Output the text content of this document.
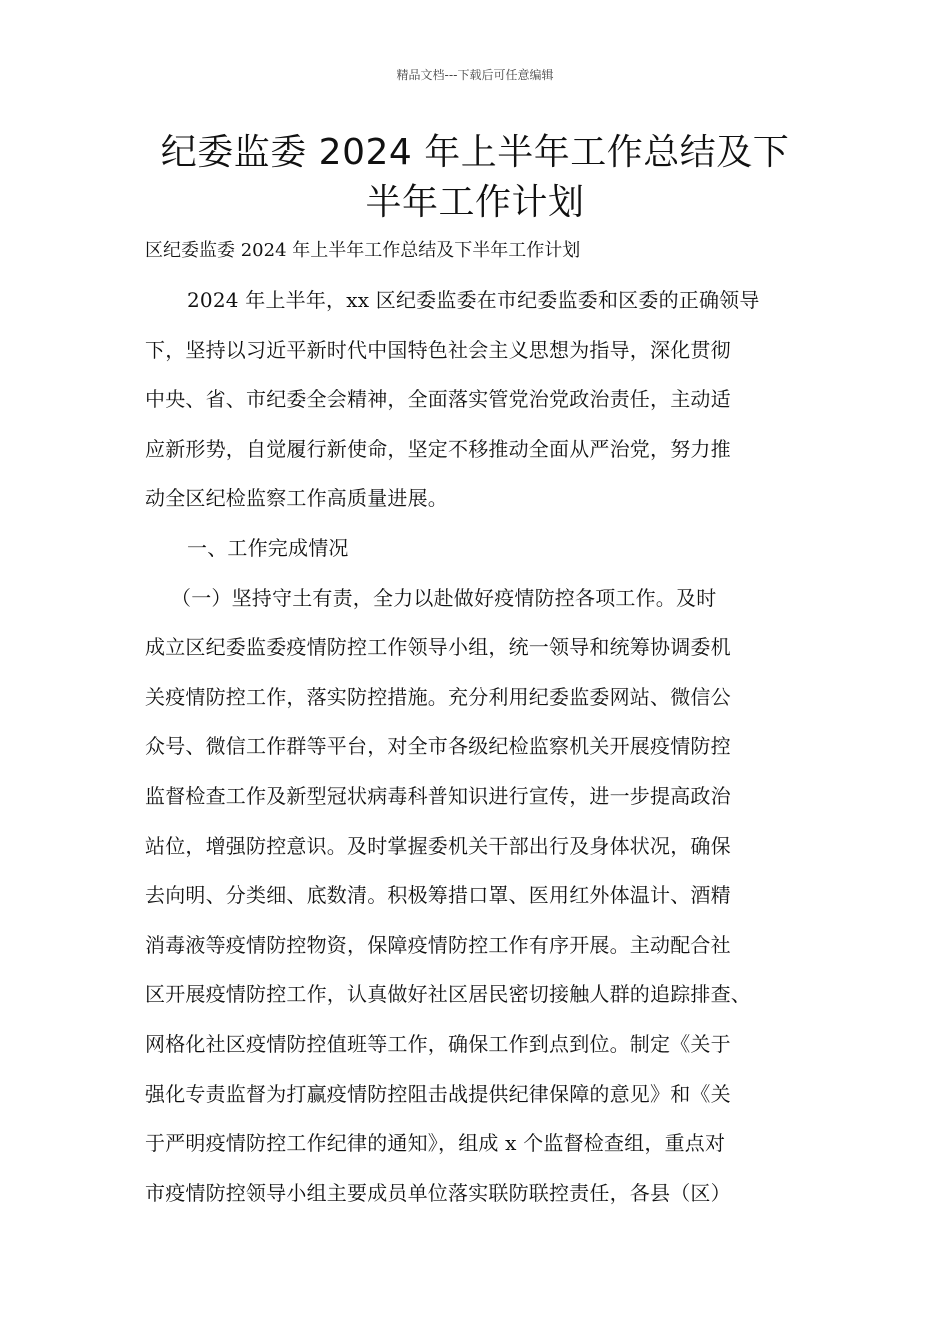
精品文档---下载后可任意编辑
纪委监委 2024 年上半年工作总结及下
半年工作计划
区纪委监委 2024 年上半年工作总结及下半年工作计划
2024 年上半年，xx 区纪委监委在市纪委监委和区委的正确领导
下，坚持以习近平新时代中国特色社会主义思想为指导，深化贯彻
中央、省、市纪委全会精神，全面落实管党治党政治责任，主动适
应新形势，自觉履行新使命，坚定不移推动全面从严治党，努力推
动全区纪检监察工作高质量进展。
一、工作完成情况
（一）坚持守土有责，全力以赴做好疫情防控各项工作。及时
成立区纪委监委疫情防控工作领导小组，统一领导和统筹协调委机
关疫情防控工作，落实防控措施。充分利用纪委监委网站、微信公
众号、微信工作群等平台，对全市各级纪检监察机关开展疫情防控
监督检查工作及新型冠状病毒科普知识进行宣传，进一步提高政治
站位，增强防控意识。及时掌握委机关干部出行及身体状况，确保
去向明、分类细、底数清。积极筹措口罩、医用红外体温计、酒精
消毒液等疫情防控物资，保障疫情防控工作有序开展。主动配合社
区开展疫情防控工作，认真做好社区居民密切接触人群的追踪排查、
网格化社区疫情防控值班等工作，确保工作到点到位。制定《关于
强化专责监督为打赢疫情防控阻击战提供纪律保障的意见》和《关
于严明疫情防控工作纪律的通知》，组成 x 个监督检查组，重点对
市疫情防控领导小组主要成员单位落实联防联控责任，各县（区）
